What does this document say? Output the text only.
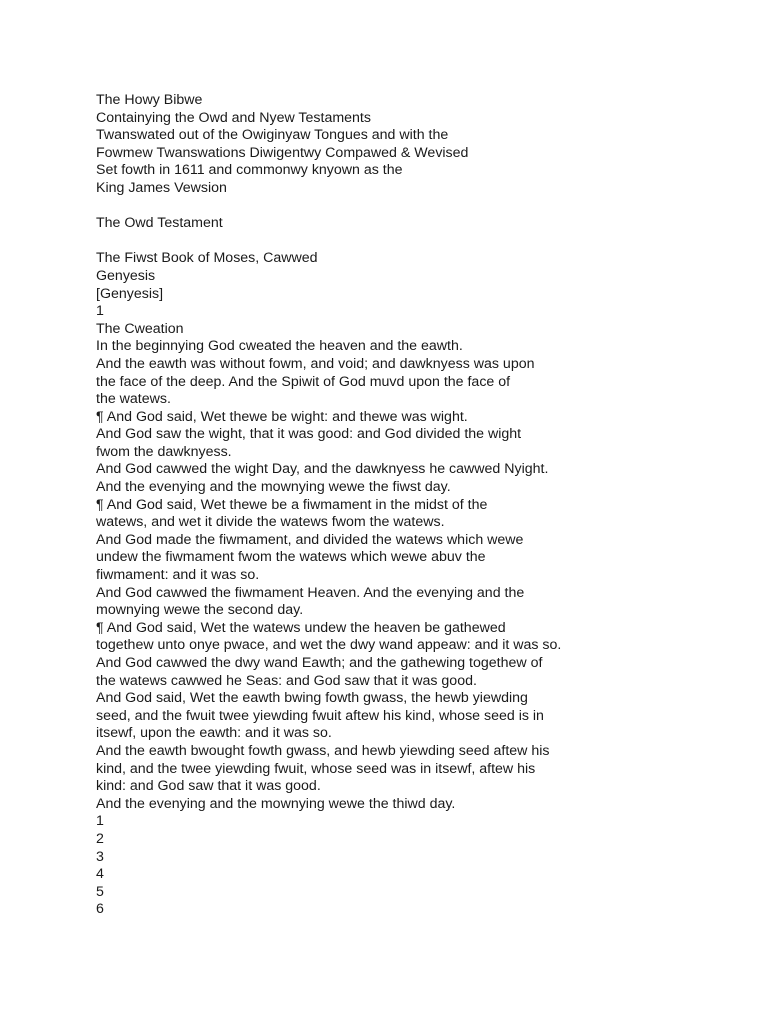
The Howy Bibwe
Containying the Owd and Nyew Testaments
Twanswated out of the Owiginyaw Tongues and with the
Fowmew Twanswations Diwigentwy Compawed & Wevised
Set fowth in 1611 and commonwy knyown as the
King James Vewsion
The Owd Testament
The Fiwst Book of Moses, Cawwed
Genyesis
[Genyesis]
1
The Cweation
In the beginnying God cweated the heaven and the eawth.
And the eawth was without fowm, and void; and dawknyess was upon
the face of the deep. And the Spiwit of God muvd upon the face of
the watews.
¶ And God said, Wet thewe be wight: and thewe was wight.
And God saw the wight, that it was good: and God divided the wight
fwom the dawknyess.
And God cawwed the wight Day, and the dawknyess he cawwed Nyight.
And the evenying and the mownying wewe the fiwst day.
¶ And God said, Wet thewe be a fiwmament in the midst of the
watews, and wet it divide the watews fwom the watews.
And God made the fiwmament, and divided the watews which wewe
undew the fiwmament fwom the watews which wewe abuv the
fiwmament: and it was so.
And God cawwed the fiwmament Heaven. And the evenying and the
mownying wewe the second day.
¶ And God said, Wet the watews undew the heaven be gathewed
togethew unto onye pwace, and wet the dwy wand appeaw: and it was so.
And God cawwed the dwy wand Eawth; and the gathewing togethew of
the watews cawwed he Seas: and God saw that it was good.
And God said, Wet the eawth bwing fowth gwass, the hewb yiewding
seed, and the fwuit twee yiewding fwuit aftew his kind, whose seed is in
itsewf, upon the eawth: and it was so.
And the eawth bwought fowth gwass, and hewb yiewding seed aftew his
kind, and the twee yiewding fwuit, whose seed was in itsewf, aftew his
kind: and God saw that it was good.
And the evenying and the mownying wewe the thiwd day.
1
2
3
4
5
6
